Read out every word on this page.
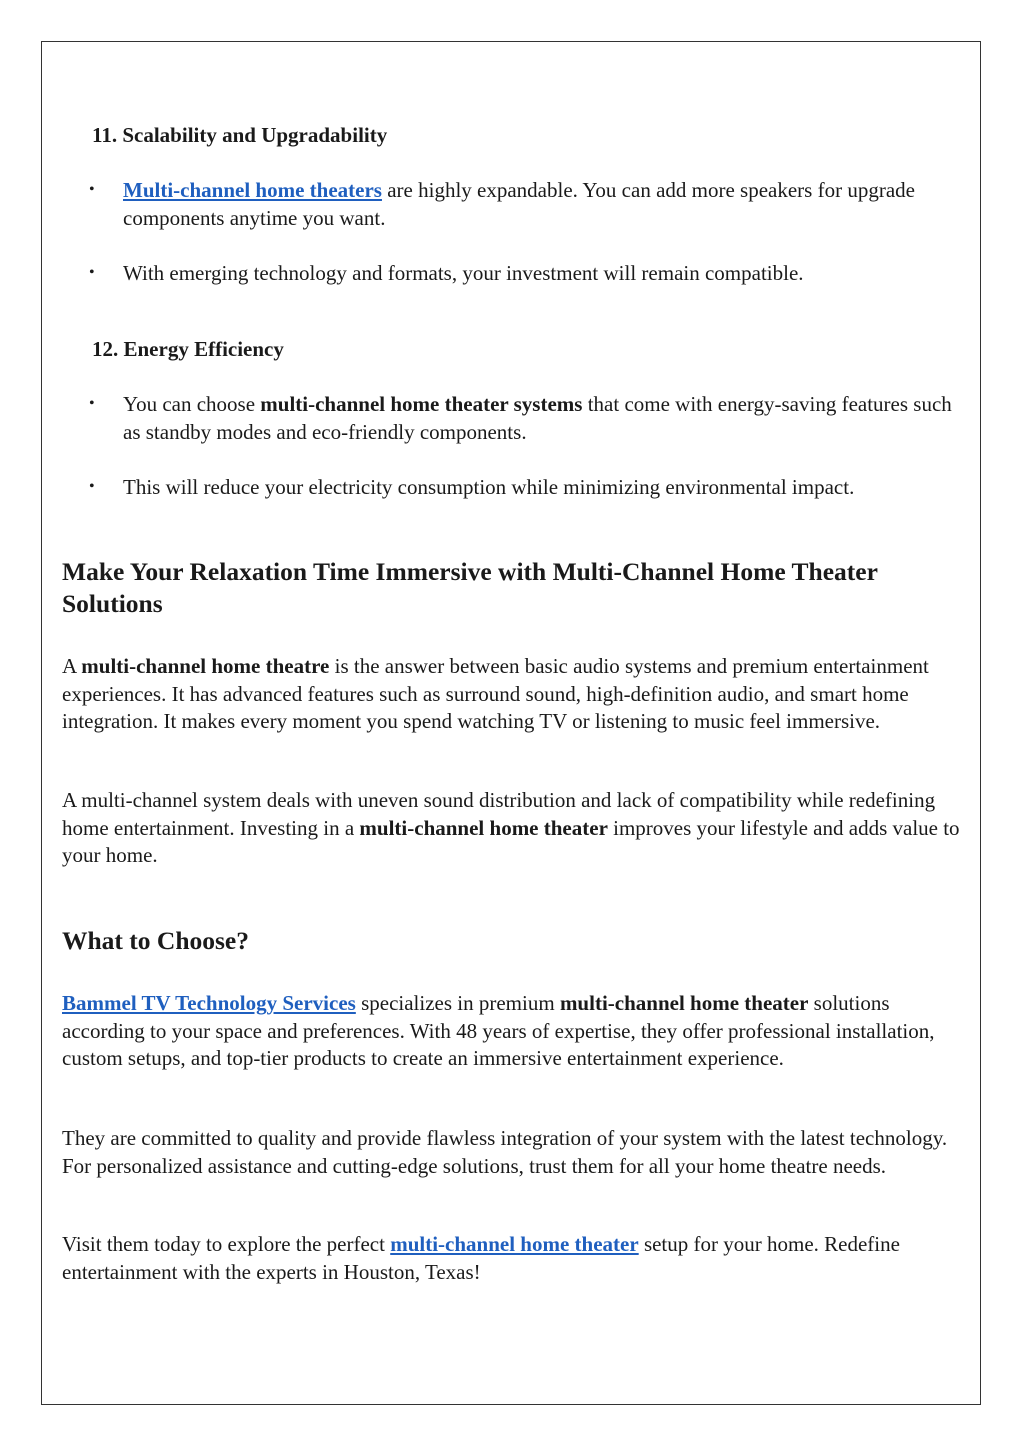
11. Scalability and Upgradability
• Multi-channel home theaters are highly expandable. You can add more speakers for upgrade components anytime you want.
• With emerging technology and formats, your investment will remain compatible.
12. Energy Efficiency
• You can choose multi-channel home theater systems that come with energy-saving features such as standby modes and eco-friendly components.
• This will reduce your electricity consumption while minimizing environmental impact.
Make Your Relaxation Time Immersive with Multi-Channel Home Theater Solutions

A multi-channel home theatre is the answer between basic audio systems and premium entertainment experiences. It has advanced features such as surround sound, high-definition audio, and smart home integration. It makes every moment you spend watching TV or listening to music feel immersive.

A multi-channel system deals with uneven sound distribution and lack of compatibility while redefining home entertainment. Investing in a multi-channel home theater improves your lifestyle and adds value to your home.

What to Choose?

Bammel TV Technology Services specializes in premium multi-channel home theater solutions according to your space and preferences. With 48 years of expertise, they offer professional installation, custom setups, and top-tier products to create an immersive entertainment experience.

They are committed to quality and provide flawless integration of your system with the latest technology. For personalized assistance and cutting-edge solutions, trust them for all your home theatre needs.

Visit them today to explore the perfect multi-channel home theater setup for your home. Redefine entertainment with the experts in Houston, Texas!
